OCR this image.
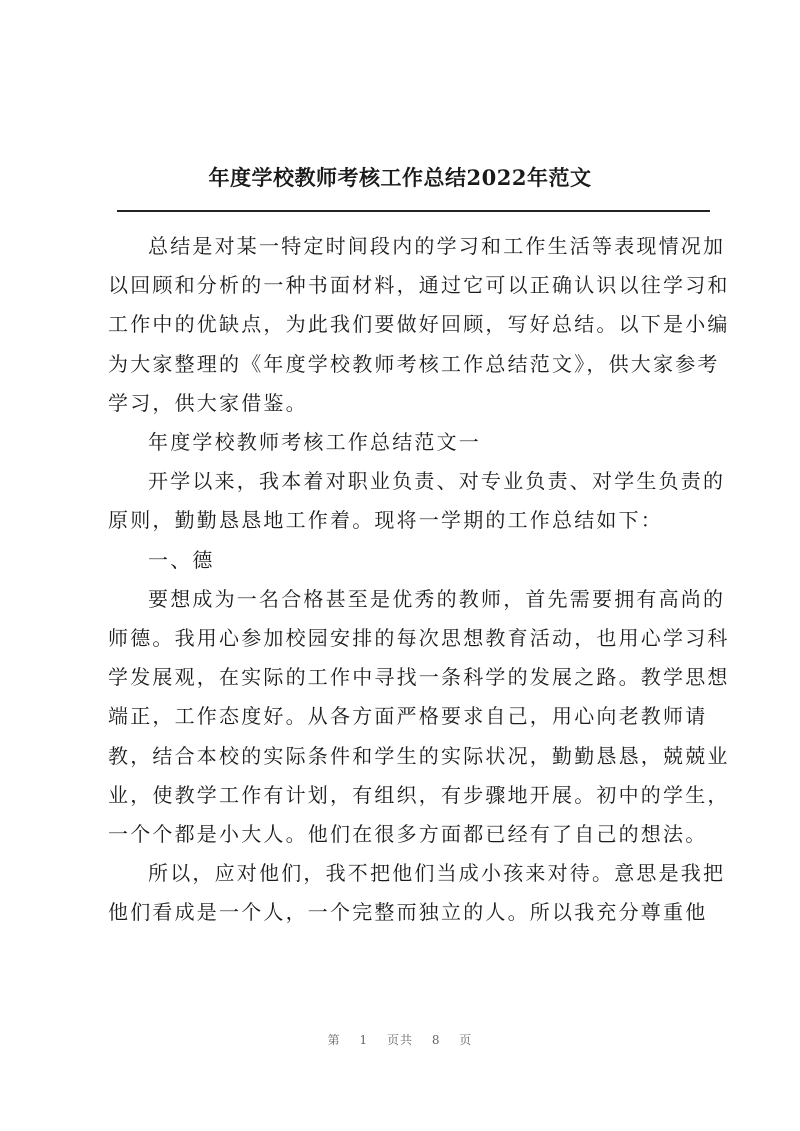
年度学校教师考核工作总结2022年范文

总结是对某一特定时间段内的学习和工作生活等表现情况加
以回顾和分析的一种书面材料，通过它可以正确认识以往学习和
工作中的优缺点，为此我们要做好回顾，写好总结。以下是小编
为大家整理的《年度学校教师考核工作总结范文》，供大家参考
学习，供大家借鉴。

年度学校教师考核工作总结范文一

开学以来，我本着对职业负责、对专业负责、对学生负责的
原则，勤勤恳恳地工作着。现将一学期的工作总结如下：

一、德

要想成为一名合格甚至是优秀的教师，首先需要拥有高尚的
师德。我用心参加校园安排的每次思想教育活动，也用心学习科
学发展观，在实际的工作中寻找一条科学的发展之路。教学思想
端正，工作态度好。从各方面严格要求自己，用心向老教师请
教，结合本校的实际条件和学生的实际状况，勤勤恳恳，兢兢业
业，使教学工作有计划，有组织，有步骤地开展。初中的学生，
一个个都是小大人。他们在很多方面都已经有了自己的想法。

所以，应对他们，我不把他们当成小孩来对待。意思是我把
他们看成是一个人，一个完整而独立的人。所以我充分尊重他

第 1 页共 8 页
